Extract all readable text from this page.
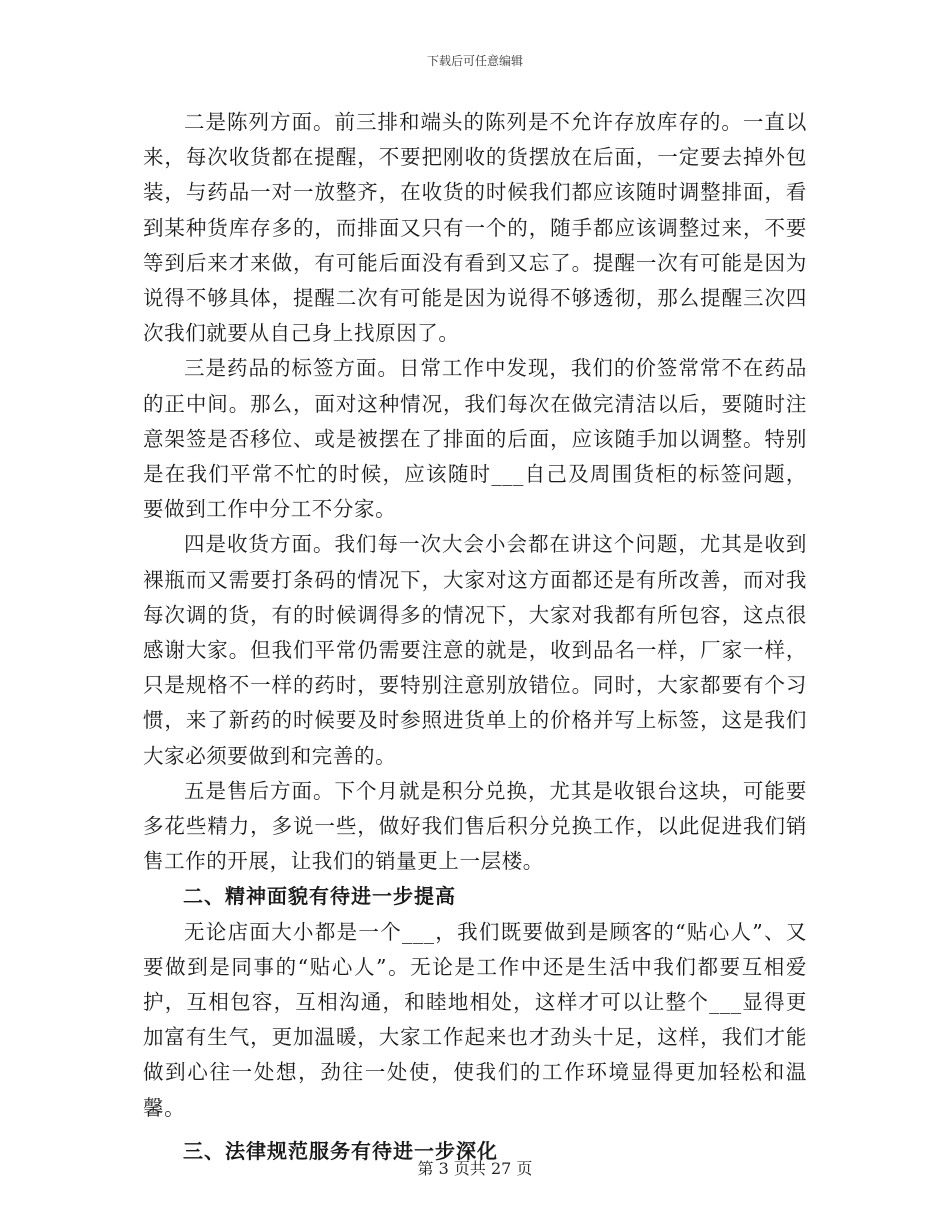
下载后可任意编辑

二是陈列方面。前三排和端头的陈列是不允许存放库存的。一直以来，每次收货都在提醒，不要把刚收的货摆放在后面，一定要去掉外包装，与药品一对一放整齐，在收货的时候我们都应该随时调整排面，看到某种货库存多的，而排面又只有一个的，随手都应该调整过来，不要等到后来才来做，有可能后面没有看到又忘了。提醒一次有可能是因为说得不够具体，提醒二次有可能是因为说得不够透彻，那么提醒三次四次我们就要从自己身上找原因了。

三是药品的标签方面。日常工作中发现，我们的价签常常不在药品的正中间。那么，面对这种情况，我们每次在做完清洁以后，要随时注意架签是否移位、或是被摆在了排面的后面，应该随手加以调整。特别是在我们平常不忙的时候，应该随时___自己及周围货柜的标签问题，要做到工作中分工不分家。

四是收货方面。我们每一次大会小会都在讲这个问题，尤其是收到裸瓶而又需要打条码的情况下，大家对这方面都还是有所改善，而对我每次调的货，有的时候调得多的情况下，大家对我都有所包容，这点很感谢大家。但我们平常仍需要注意的就是，收到品名一样，厂家一样，只是规格不一样的药时，要特别注意别放错位。同时，大家都要有个习惯，来了新药的时候要及时参照进货单上的价格并写上标签，这是我们大家必须要做到和完善的。

五是售后方面。下个月就是积分兑换，尤其是收银台这块，可能要多花些精力，多说一些，做好我们售后积分兑换工作，以此促进我们销售工作的开展，让我们的销量更上一层楼。

二、精神面貌有待进一步提高

无论店面大小都是一个___，我们既要做到是顾客的“贴心人”、又要做到是同事的“贴心人”。无论是工作中还是生活中我们都要互相爱护，互相包容，互相沟通，和睦地相处，这样才可以让整个___显得更加富有生气，更加温暖，大家工作起来也才劲头十足，这样，我们才能做到心往一处想，劲往一处使，使我们的工作环境显得更加轻松和温馨。

三、法律规范服务有待进一步深化

第 3 页共 27 页
